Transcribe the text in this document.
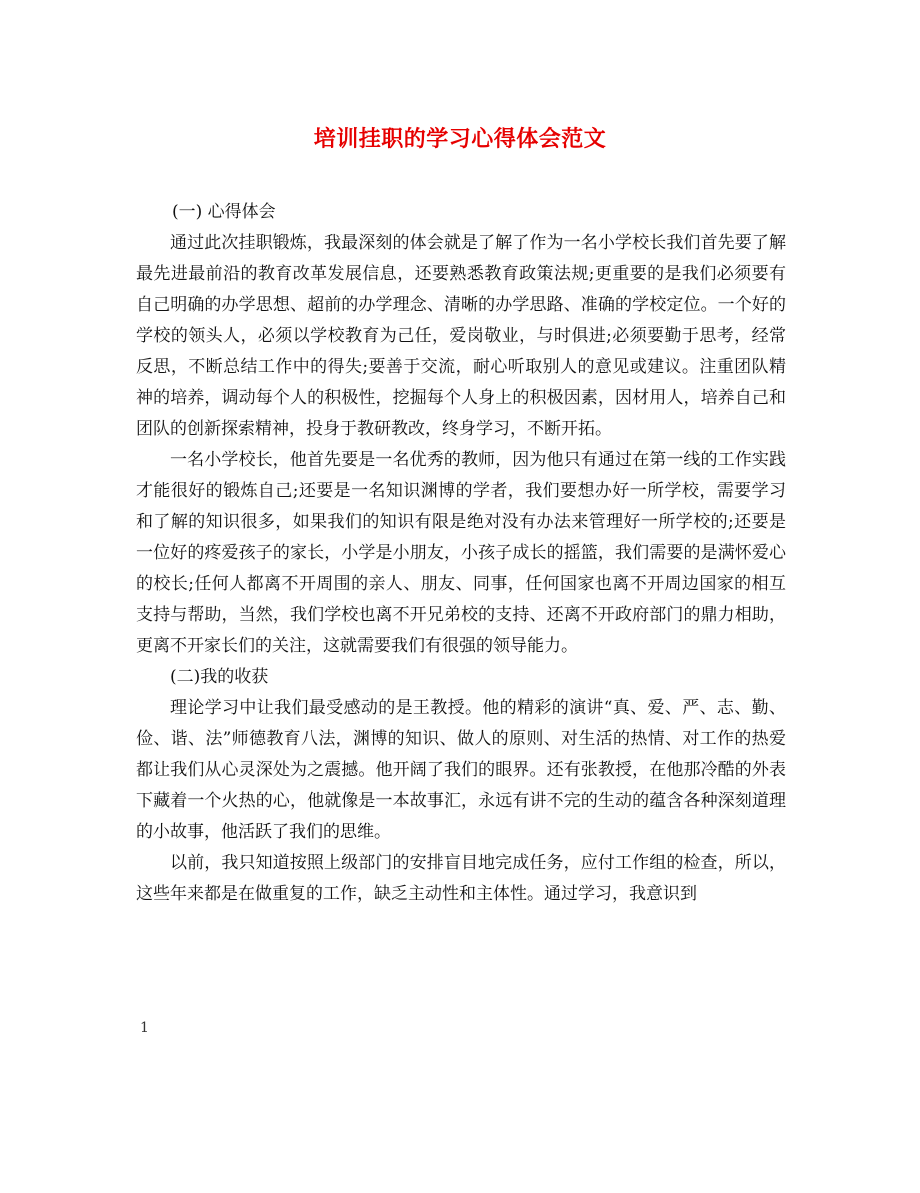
培训挂职的学习心得体会范文

(一) 心得体会

通过此次挂职锻炼，我最深刻的体会就是了解了作为一名小学校长我们首先要了解最先进最前沿的教育改革发展信息，还要熟悉教育政策法规;更重要的是我们必须要有自己明确的办学思想、超前的办学理念、清晰的办学思路、准确的学校定位。一个好的学校的领头人，必须以学校教育为己任，爱岗敬业，与时俱进;必须要勤于思考，经常反思，不断总结工作中的得失;要善于交流，耐心听取别人的意见或建议。注重团队精神的培养，调动每个人的积极性，挖掘每个人身上的积极因素，因材用人，培养自己和团队的创新探索精神，投身于教研教改，终身学习，不断开拓。

一名小学校长，他首先要是一名优秀的教师，因为他只有通过在第一线的工作实践才能很好的锻炼自己;还要是一名知识渊博的学者，我们要想办好一所学校，需要学习和了解的知识很多，如果我们的知识有限是绝对没有办法来管理好一所学校的;还要是一位好的疼爱孩子的家长，小学是小朋友，小孩子成长的摇篮，我们需要的是满怀爱心的校长;任何人都离不开周围的亲人、朋友、同事，任何国家也离不开周边国家的相互支持与帮助，当然，我们学校也离不开兄弟校的支持、还离不开政府部门的鼎力相助，更离不开家长们的关注，这就需要我们有很强的领导能力。

(二)我的收获

理论学习中让我们最受感动的是王教授。他的精彩的演讲“真、爱、严、志、勤、俭、谐、法”师德教育八法，渊博的知识、做人的原则、对生活的热情、对工作的热爱都让我们从心灵深处为之震撼。他开阔了我们的眼界。还有张教授，在他那冷酷的外表下藏着一个火热的心，他就像是一本故事汇，永远有讲不完的生动的蕴含各种深刻道理的小故事，他活跃了我们的思维。

以前，我只知道按照上级部门的安排盲目地完成任务，应付工作组的检查，所以，这些年来都是在做重复的工作，缺乏主动性和主体性。通过学习，我意识到

1
